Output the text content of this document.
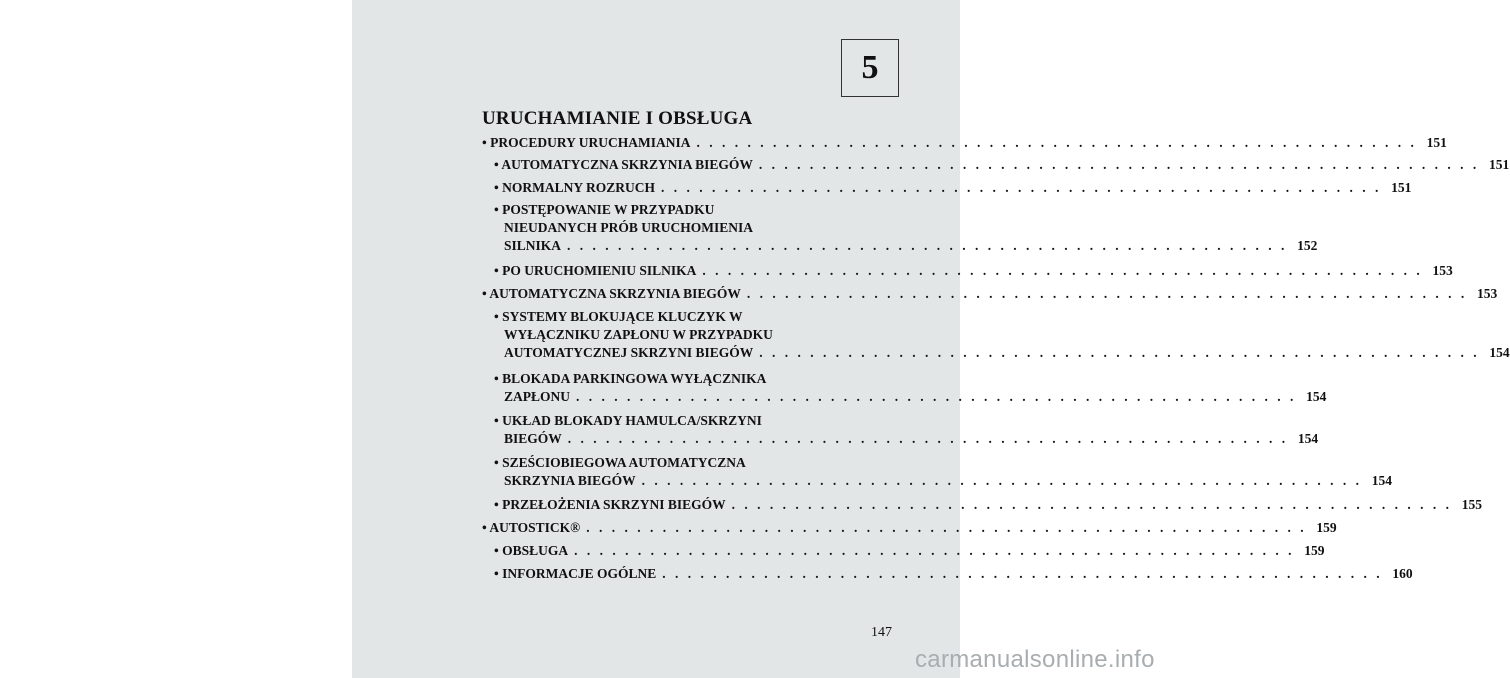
5
URUCHAMIANIE I OBSŁUGA
• PROCEDURY URUCHAMIANIA . . .	151
• AUTOMATYCZNA SKRZYNIA BIEGÓW . . .	151
• NORMALNY ROZRUCH . . .	151
• POSTĘPOWANIE W PRZYPADKU
NIEUDANYCH PRÓB URUCHOMIENIA
SILNIKA . . .	152
• PO URUCHOMIENIU SILNIKA . . .	153
• AUTOMATYCZNA SKRZYNIA BIEGÓW . . .	153
• SYSTEMY BLOKUJĄCE KLUCZYK W
WYŁĄCZNIKU ZAPŁONU W PRZYPADKU
AUTOMATYCZNEJ SKRZYNI BIEGÓW . . .	154
• BLOKADA PARKINGOWA WYŁĄCZNIKA
ZAPŁONU . . .	154
• UKŁAD BLOKADY HAMULCA/SKRZYNI
BIEGÓW . . .	154
• SZEŚCIOBIEGOWA AUTOMATYCZNA
SKRZYNIA BIEGÓW . . .	154
• PRZEŁOŻENIA SKRZYNI BIEGÓW . . .	155
• AUTOSTICK® . . .	159
• OBSŁUGA . . .	159
• INFORMACJE OGÓLNE . . .	160
147
carmanualsonline.info
